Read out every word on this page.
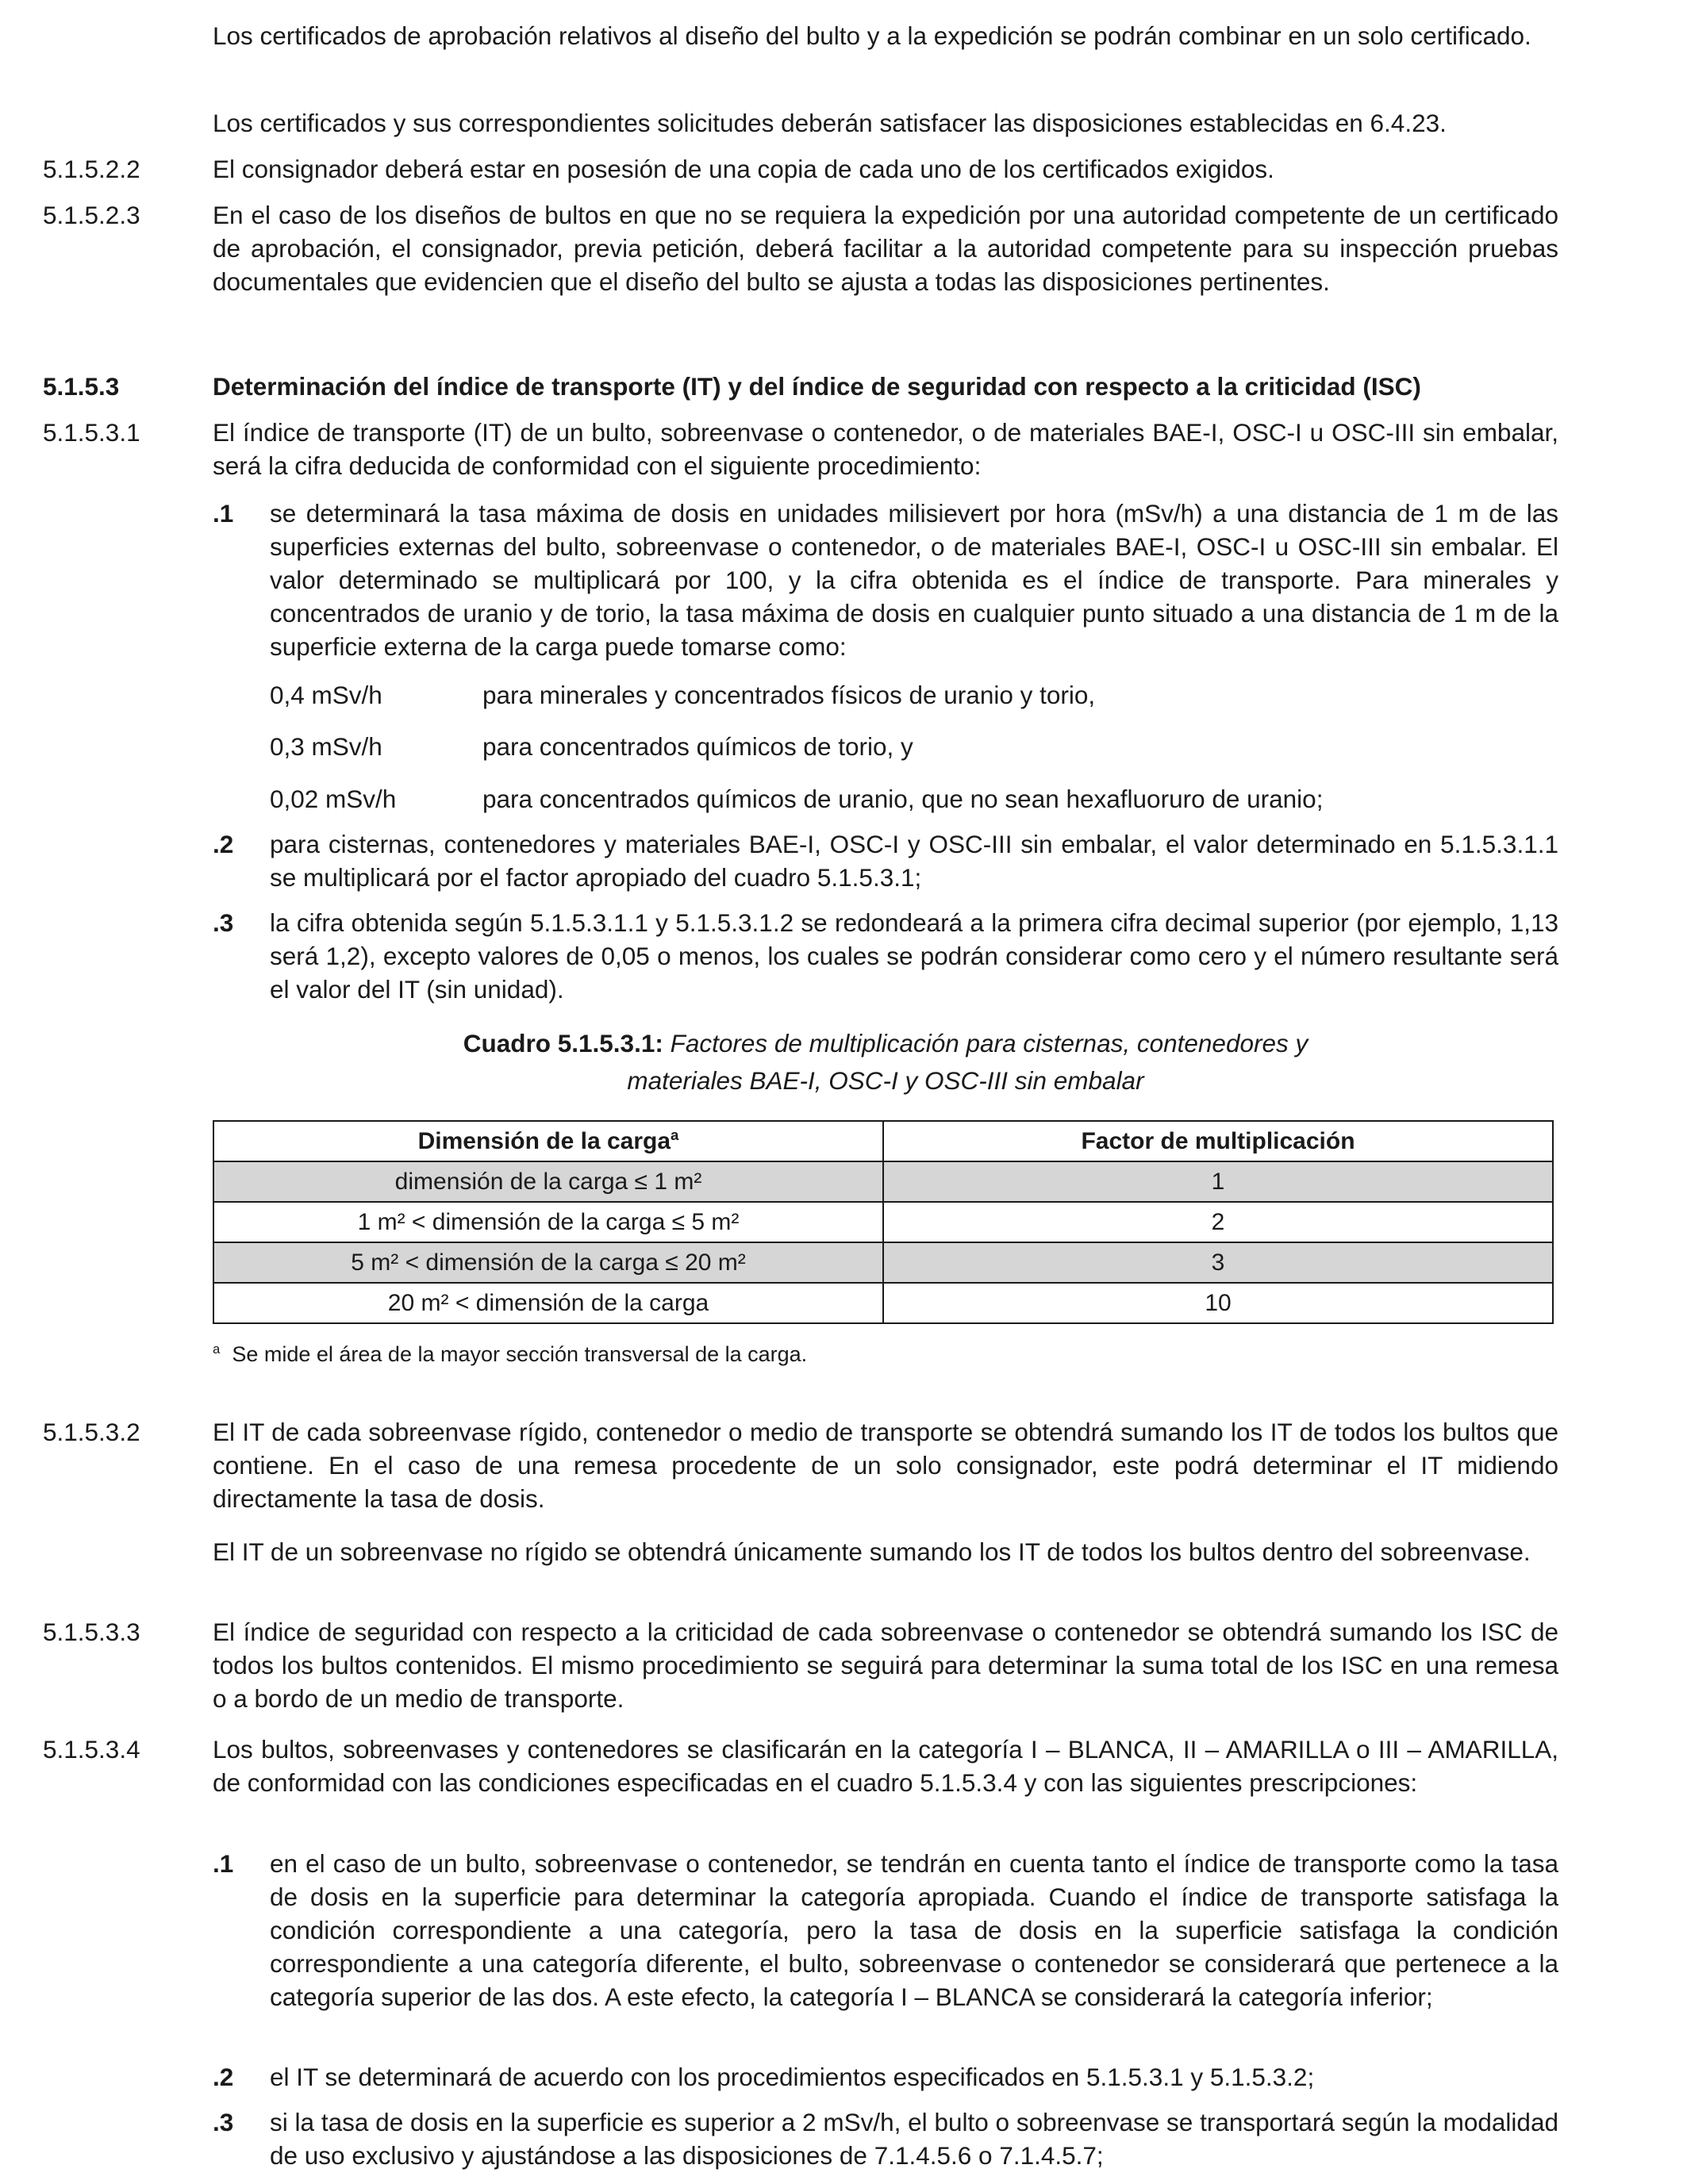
Los certificados de aprobación relativos al diseño del bulto y a la expedición se podrán combinar en un solo certificado.
Los certificados y sus correspondientes solicitudes deberán satisfacer las disposiciones establecidas en 6.4.23.
5.1.5.2.2	El consignador deberá estar en posesión de una copia de cada uno de los certificados exigidos.
5.1.5.2.3	En el caso de los diseños de bultos en que no se requiera la expedición por una autoridad competente de un certificado de aprobación, el consignador, previa petición, deberá facilitar a la autoridad competente para su inspección pruebas documentales que evidencien que el diseño del bulto se ajusta a todas las disposiciones pertinentes.
5.1.5.3	Determinación del índice de transporte (IT) y del índice de seguridad con respecto a la criticidad (ISC)
5.1.5.3.1	El índice de transporte (IT) de un bulto, sobreenvase o contenedor, o de materiales BAE-I, OSC-I u OSC-III sin embalar, será la cifra deducida de conformidad con el siguiente procedimiento:
.1 se determinará la tasa máxima de dosis en unidades milisievert por hora (mSv/h) a una distancia de 1 m de las superficies externas del bulto, sobreenvase o contenedor, o de materiales BAE-I, OSC-I u OSC-III sin embalar. El valor determinado se multiplicará por 100, y la cifra obtenida es el índice de transporte. Para minerales y concentrados de uranio y de torio, la tasa máxima de dosis en cualquier punto situado a una distancia de 1 m de la superficie externa de la carga puede tomarse como:
0,4 mSv/h	para minerales y concentrados físicos de uranio y torio,
0,3 mSv/h	para concentrados químicos de torio, y
0,02 mSv/h	para concentrados químicos de uranio, que no sean hexafluoruro de uranio;
.2 para cisternas, contenedores y materiales BAE-I, OSC-I y OSC-III sin embalar, el valor determinado en 5.1.5.3.1.1 se multiplicará por el factor apropiado del cuadro 5.1.5.3.1;
.3 la cifra obtenida según 5.1.5.3.1.1 y 5.1.5.3.1.2 se redondeará a la primera cifra decimal superior (por ejemplo, 1,13 será 1,2), excepto valores de 0,05 o menos, los cuales se podrán considerar como cero y el número resultante será el valor del IT (sin unidad).
Cuadro 5.1.5.3.1: Factores de multiplicación para cisternas, contenedores y
materiales BAE-I, OSC-I y OSC-III sin embalar
Dimensión de la carga$^a$	Factor de multiplicación
dimensión de la carga ≤ 1 m²	1
1 m² < dimensión de la carga ≤ 5 m²	2
5 m² < dimensión de la carga ≤ 20 m²	3
20 m² < dimensión de la carga	10
$^a$ Se mide el área de la mayor sección transversal de la carga.
5.1.5.3.2	El IT de cada sobreenvase rígido, contenedor o medio de transporte se obtendrá sumando los IT de todos los bultos que contiene. En el caso de una remesa procedente de un solo consignador, este podrá determinar el IT midiendo directamente la tasa de dosis.
El IT de un sobreenvase no rígido se obtendrá únicamente sumando los IT de todos los bultos dentro del sobreenvase.
5.1.5.3.3	El índice de seguridad con respecto a la criticidad de cada sobreenvase o contenedor se obtendrá sumando los ISC de todos los bultos contenidos. El mismo procedimiento se seguirá para determinar la suma total de los ISC en una remesa o a bordo de un medio de transporte.
5.1.5.3.4	Los bultos, sobreenvases y contenedores se clasificarán en la categoría I – BLANCA, II – AMARILLA o III – AMARILLA, de conformidad con las condiciones especificadas en el cuadro 5.1.5.3.4 y con las siguientes prescripciones:
.1 en el caso de un bulto, sobreenvase o contenedor, se tendrán en cuenta tanto el índice de transporte como la tasa de dosis en la superficie para determinar la categoría apropiada. Cuando el índice de transporte satisfaga la condición correspondiente a una categoría, pero la tasa de dosis en la superficie satisfaga la condición correspondiente a una categoría diferente, el bulto, sobreenvase o contenedor se considerará que pertenece a la categoría superior de las dos. A este efecto, la categoría I – BLANCA se considerará la categoría inferior;
.2 el IT se determinará de acuerdo con los procedimientos especificados en 5.1.5.3.1 y 5.1.5.3.2;
.3 si la tasa de dosis en la superficie es superior a 2 mSv/h, el bulto o sobreenvase se transportará según la modalidad de uso exclusivo y ajustándose a las disposiciones de 7.1.4.5.6 o 7.1.4.5.7;
